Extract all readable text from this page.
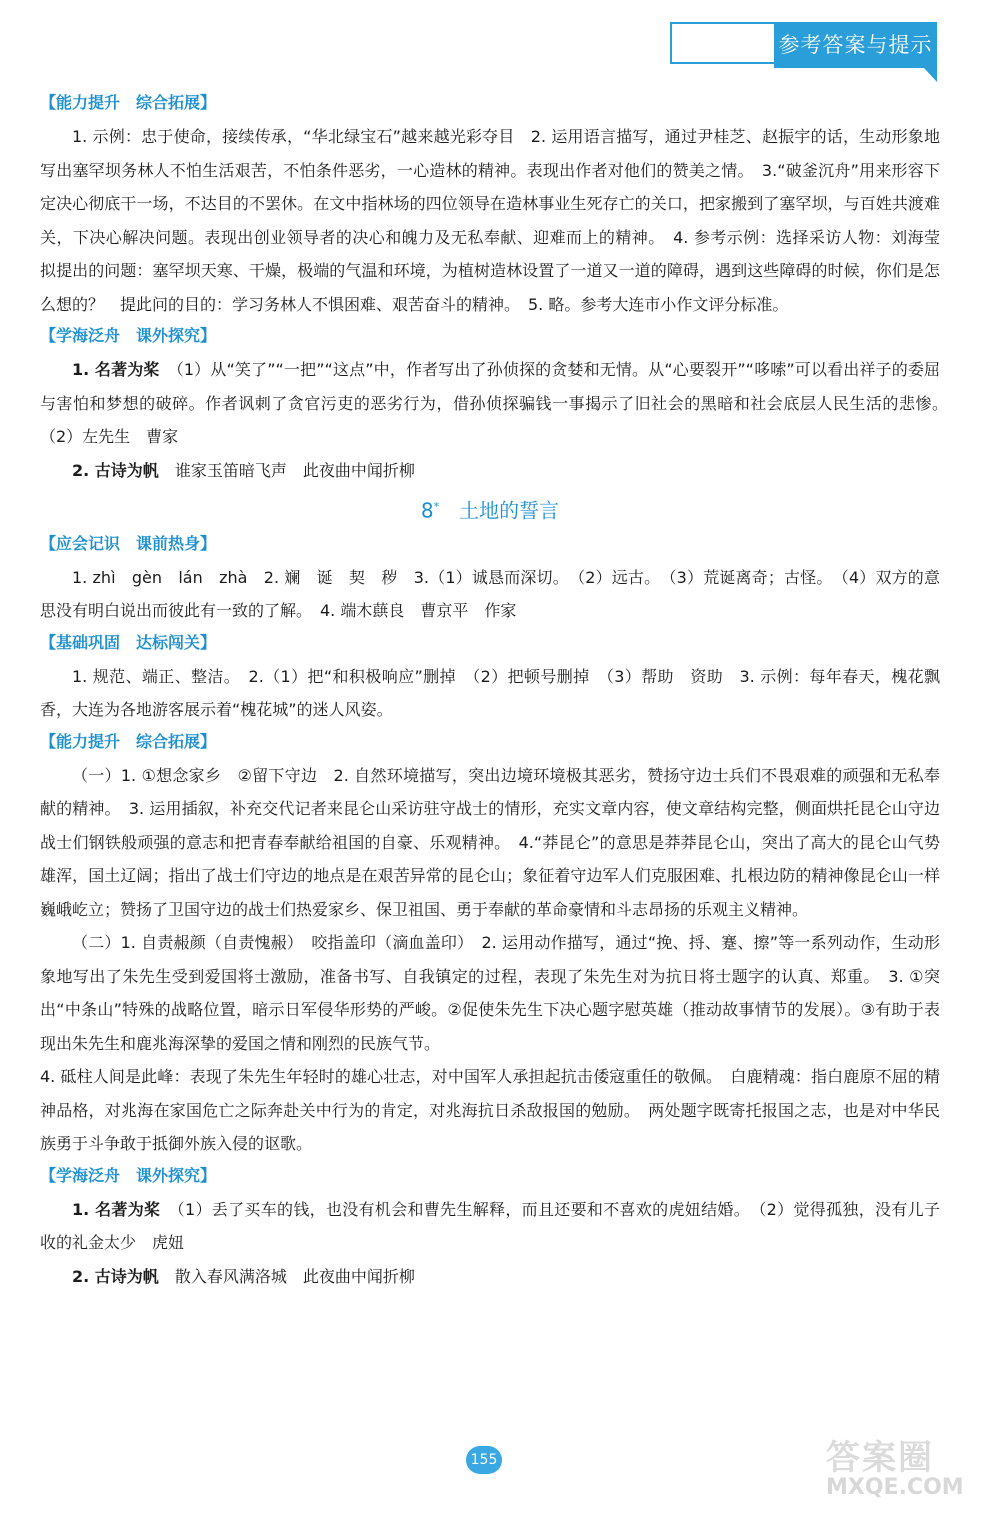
参考答案与提示
【能力提升　综合拓展】
1. 示例：忠于使命，接续传承，“华北绿宝石”越来越光彩夺目　2. 运用语言描写，通过尹桂芝、赵振宇的话，生动形象地写出塞罕坝务林人不怕生活艰苦，不怕条件恶劣，一心造林的精神。表现出作者对他们的赞美之情。　3.“破釜沉舟”用来形容下定决心彻底干一场，不达目的不罢休。在文中指林场的四位领导在造林事业生死存亡的关口，把家搬到了塞罕坝，与百姓共渡难关，下决心解决问题。表现出创业领导者的决心和魄力及无私奉献、迎难而上的精神。　4. 参考示例：选择采访人物：刘海莹　拟提出的问题：塞罕坝天寒、干燥，极端的气温和环境，为植树造林设置了一道又一道的障碍，遇到这些障碍的时候，你们是怎么想的？　提此问的目的：学习务林人不惧困难、艰苦奋斗的精神。　5. 略。参考大连市小作文评分标准。
【学海泛舟　课外探究】
1. 名著为桨　 （1）从“笑了”“一把”“这点”中，作者写出了孙侦探的贪婪和无情。从“心要裂开”“哆嗦”可以看出祥子的委屈与害怕和梦想的破碎。作者讽刺了贪官污吏的恶劣行为，借孙侦探骗钱一事揭示了旧社会的黑暗和社会底层人民生活的悲惨。　（2）左先生　曹家
2. 古诗为帆　 谁家玉笛暗飞声　此夜曲中闻折柳
8*　 土地的誓言
【应会记识　课前热身】
1. zhì　gèn　lán　zhà　2. 斓　诞　契　秽　3.（1）诚恳而深切。　（2）远古。　（3）荒诞离奇；古怪。　（4）双方的意思没有明白说出而彼此有一致的了解。　4. 端木蕻良　曹京平　作家
【基础巩固　达标闯关】
1. 规范、端正、整洁。　2.（1）把“和积极响应”删掉　（2）把顿号删掉　（3）帮助　资助　3. 示例：每年春天，槐花飘香，大连为各地游客展示着“槐花城”的迷人风姿。
【能力提升　综合拓展】
（一）1. ①想念家乡　②留下守边　2. 自然环境描写，突出边境环境极其恶劣，赞扬守边士兵们不畏艰难的顽强和无私奉献的精神。　3. 运用插叙，补充交代记者来昆仑山采访驻守战士的情形，充实文章内容，使文章结构完整，侧面烘托昆仑山守边战士们钢铁般顽强的意志和把青春奉献给祖国的自豪、乐观精神。　4.“莽昆仑”的意思是莽莽昆仑山，突出了高大的昆仑山气势雄浑，国土辽阔；指出了战士们守边的地点是在艰苦异常的昆仑山；象征着守边军人们克服困难、扎根边防的精神像昆仑山一样巍峨屹立；赞扬了卫国守边的战士们热爱家乡、保卫祖国、勇于奉献的革命豪情和斗志昂扬的乐观主义精神。
（二）1. 自责赧颜（自责愧赧）　咬指盖印（滴血盖印）　2. 运用动作描写，通过“挽、捋、蹇、擦”等一系列动作，生动形象地写出了朱先生受到爱国将士激励，准备书写、自我镇定的过程，表现了朱先生对为抗日将士题字的认真、郑重。　3. ①突出“中条山”特殊的战略位置，暗示日军侵华形势的严峻。②促使朱先生下决心题字慰英雄（推动故事情节的发展）。③有助于表现出朱先生和鹿兆海深挚的爱国之情和刚烈的民族气节。
4. 砥柱人间是此峰：表现了朱先生年轻时的雄心壮志，对中国军人承担起抗击倭寇重任的敬佩。　白鹿精魂：指白鹿原不屈的精神品格，对兆海在家国危亡之际奔赴关中行为的肯定，对兆海抗日杀敌报国的勉励。　两处题字既寄托报国之志，也是对中华民族勇于斗争敢于抵御外族入侵的讴歌。
【学海泛舟　课外探究】
1. 名著为桨　 （1）丢了买车的钱，也没有机会和曹先生解释，而且还要和不喜欢的虎妞结婚。　（2）觉得孤独，没有儿子　收的礼金太少　虎妞
2. 古诗为帆　 散入春风满洛城　此夜曲中闻折柳
155	答案圈
MXQE.COM
